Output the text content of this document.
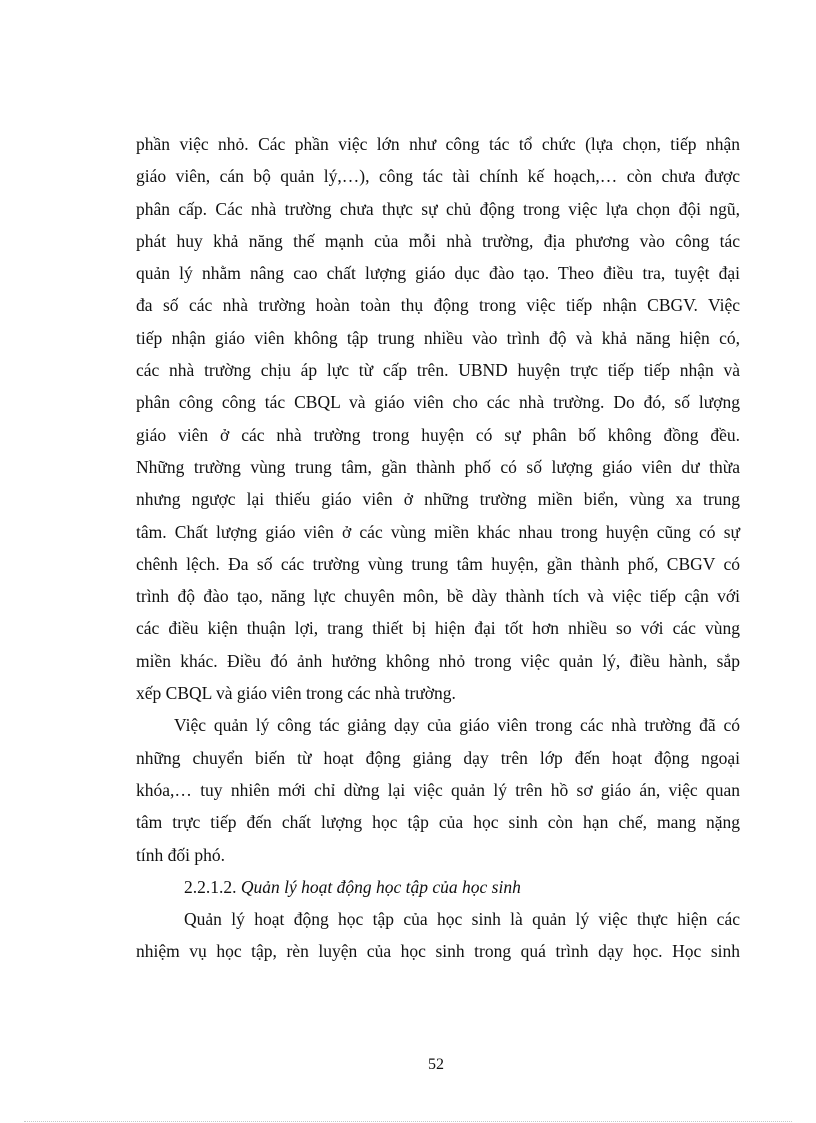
phần việc nhỏ. Các phần việc lớn như công tác tổ chức (lựa chọn, tiếp nhận
giáo viên, cán bộ quản lý,…), công tác tài chính kế hoạch,… còn chưa được
phân cấp. Các nhà trường chưa thực sự chủ động trong việc lựa chọn đội ngũ,
phát huy khả năng thế mạnh của mỗi nhà trường, địa phương vào công tác
quản lý nhằm nâng cao chất lượng giáo dục đào tạo. Theo điều tra, tuyệt đại
đa số các nhà trường hoàn toàn thụ động trong việc tiếp nhận CBGV. Việc
tiếp nhận giáo viên không tập trung nhiều vào trình độ và khả năng hiện có,
các nhà trường chịu áp lực từ cấp trên. UBND huyện trực tiếp tiếp nhận và
phân công công tác CBQL và giáo viên cho các nhà trường. Do đó, số lượng
giáo viên ở các nhà trường trong huyện có sự phân bố không đồng đều.
Những trường vùng trung tâm, gần thành phố có số lượng giáo viên dư thừa
nhưng ngược lại thiếu giáo viên ở những trường miền biển, vùng xa trung
tâm. Chất lượng giáo viên ở các vùng miền khác nhau trong huyện cũng có sự
chênh lệch. Đa số các trường vùng trung tâm huyện, gần thành phố, CBGV có
trình độ đào tạo, năng lực chuyên môn, bề dày thành tích và việc tiếp cận với
các điều kiện thuận lợi, trang thiết bị hiện đại tốt hơn nhiều so với các vùng
miền khác. Điều đó ảnh hưởng không nhỏ trong việc quản lý, điều hành, sắp
xếp CBQL và giáo viên trong các nhà trường.
Việc quản lý công tác giảng dạy của giáo viên trong các nhà trường đã có
những chuyển biến từ hoạt động giảng dạy trên lớp đến hoạt động ngoại
khóa,… tuy nhiên mới chỉ dừng lại việc quản lý trên hồ sơ giáo án, việc quan
tâm trực tiếp đến chất lượng học tập của học sinh còn hạn chế, mang nặng
tính đối phó.
2.2.1.2. Quản lý hoạt động học tập của học sinh
Quản lý hoạt động học tập của học sinh là quản lý việc thực hiện các
nhiệm vụ học tập, rèn luyện của học sinh trong quá trình dạy học. Học sinh
52
